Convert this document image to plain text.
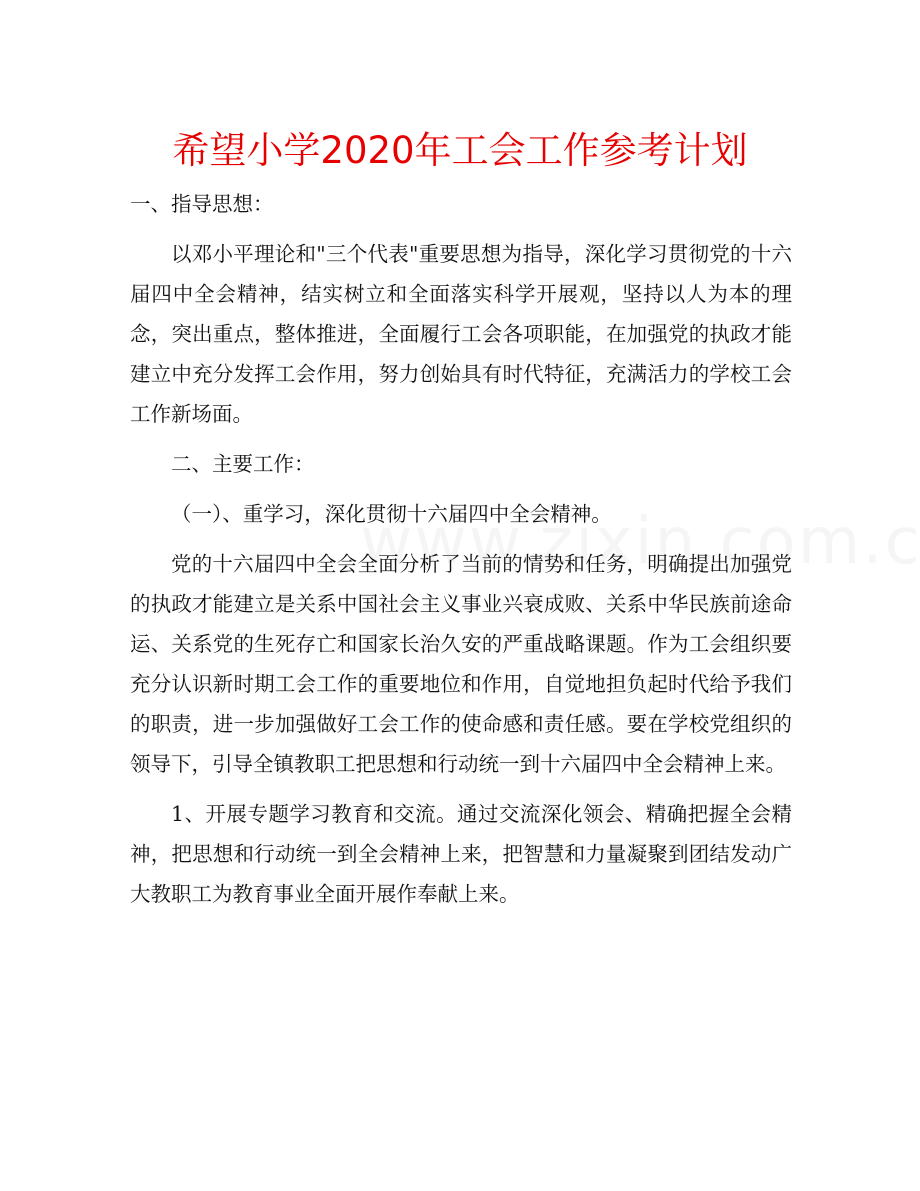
希望小学2020年工会工作参考计划

一、指导思想：

以邓小平理论和"三个代表"重要思想为指导，深化学习贯彻党的十六届四中全会精神，结实树立和全面落实科学开展观，坚持以人为本的理念，突出重点，整体推进，全面履行工会各项职能，在加强党的执政才能建立中充分发挥工会作用，努力创始具有时代特征，充满活力的学校工会工作新场面。

二、主要工作：

（一）、重学习，深化贯彻十六届四中全会精神。

党的十六届四中全会全面分析了当前的情势和任务，明确提出加强党的执政才能建立是关系中国社会主义事业兴衰成败、关系中华民族前途命运、关系党的生死存亡和国家长治久安的严重战略课题。作为工会组织要充分认识新时期工会工作的重要地位和作用，自觉地担负起时代给予我们的职责，进一步加强做好工会工作的使命感和责任感。要在学校党组织的领导下，引导全镇教职工把思想和行动统一到十六届四中全会精神上来。

1、开展专题学习教育和交流。通过交流深化领会、精确把握全会精神，把思想和行动统一到全会精神上来，把智慧和力量凝聚到团结发动广大教职工为教育事业全面开展作奉献上来。
